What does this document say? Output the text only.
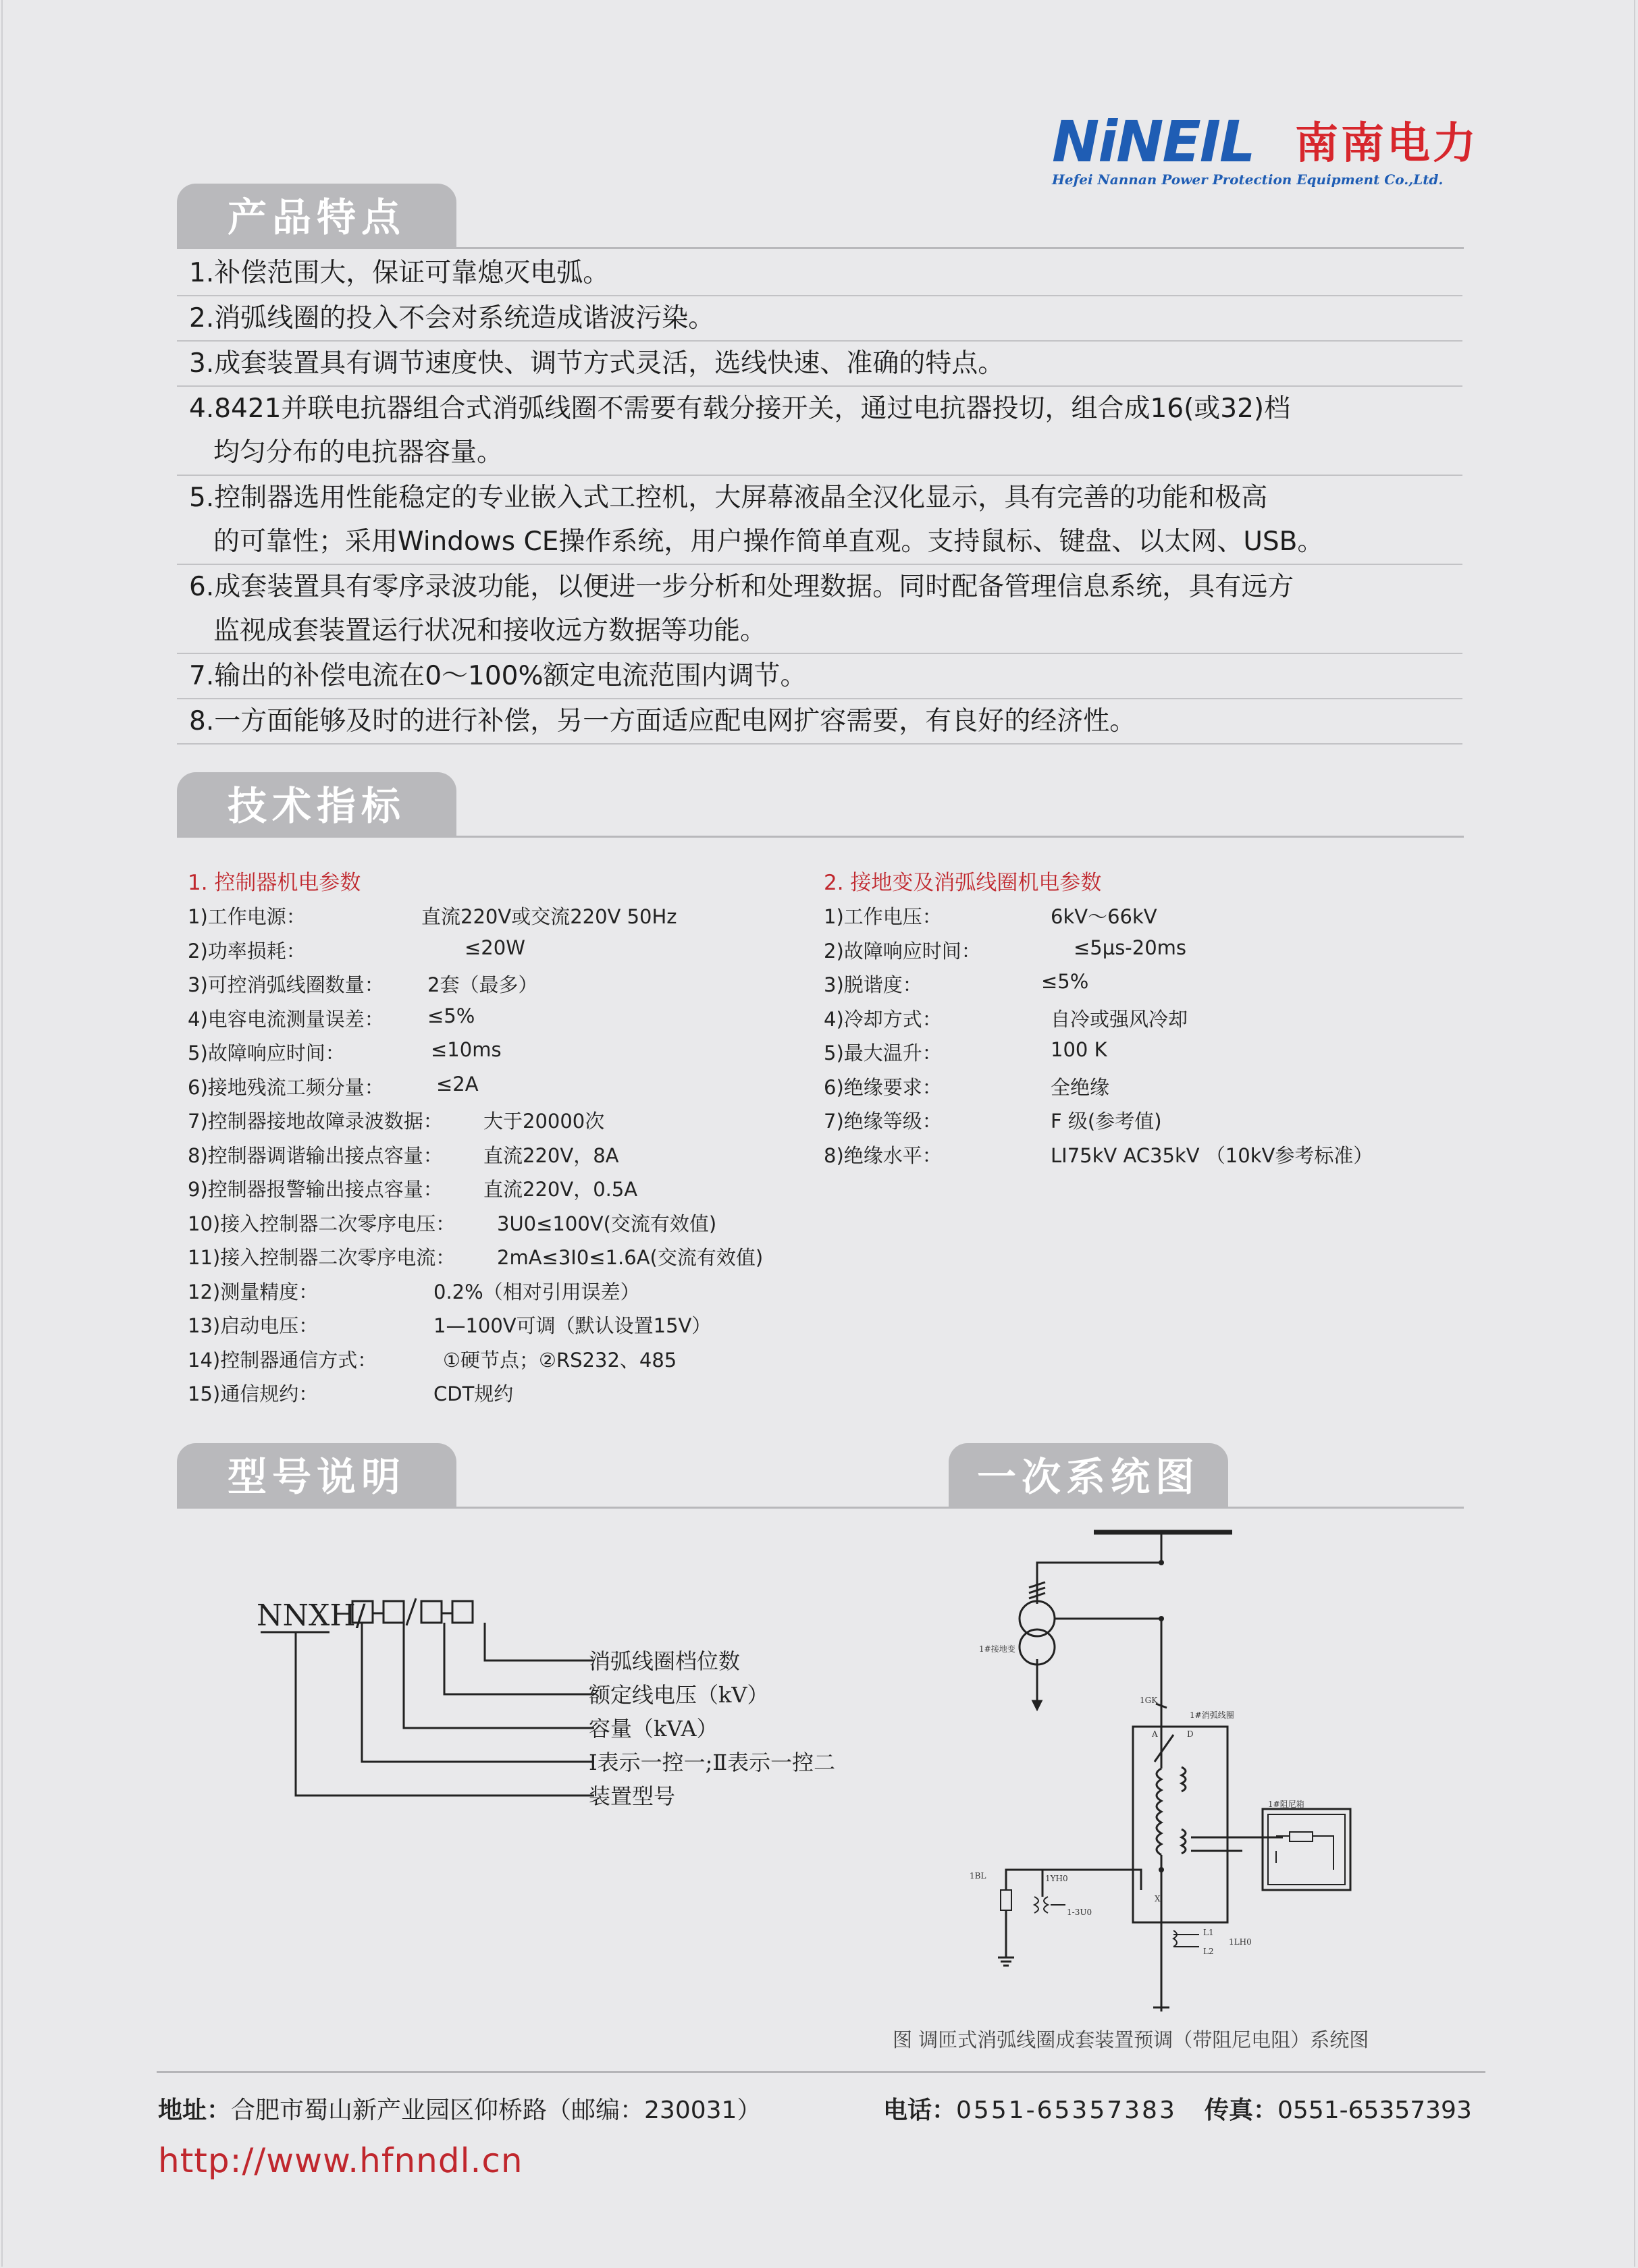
NiNEIL 南南电力
Hefei Nannan Power Protection Equipment Co.,Ltd.
产品特点
1.补偿范围大，保证可靠熄灭电弧。
2.消弧线圈的投入不会对系统造成谐波污染。
3.成套装置具有调节速度快、调节方式灵活，选线快速、准确的特点。
4.8421并联电抗器组合式消弧线圈不需要有载分接开关，通过电抗器投切，组合成16(或32)档
均匀分布的电抗器容量。
5.控制器选用性能稳定的专业嵌入式工控机，大屏幕液晶全汉化显示，具有完善的功能和极高
的可靠性；采用Windows CE操作系统，用户操作简单直观。支持鼠标、键盘、以太网、USB。
6.成套装置具有零序录波功能，以便进一步分析和处理数据。同时配备管理信息系统，具有远方
监视成套装置运行状况和接收远方数据等功能。
7.输出的补偿电流在0～100%额定电流范围内调节。
8.一方面能够及时的进行补偿，另一方面适应配电网扩容需要，有良好的经济性。
技术指标
1. 控制器机电参数	2. 接地变及消弧线圈机电参数
1)工作电源：	直流220V或交流220V 50Hz
2)功率损耗：	≤20W
3)可控消弧线圈数量： 2套（最多）
4)电容电流测量误差： ≤5%
5)故障响应时间：	≤10ms
6)接地残流工频分量：	≤2A
7)控制器接地故障录波数据： 大于20000次
8)控制器调谐输出接点容量： 直流220V，8A
9)控制器报警输出接点容量： 直流220V，0.5A
10)接入控制器二次零序电压： 3U0≤100V(交流有效值)
11)接入控制器二次零序电流： 2mA≤3I0≤1.6A(交流有效值)
12)测量精度：	0.2%（相对引用误差）
13)启动电压：	1—100V可调（默认设置15V）
14)控制器通信方式：	①硬节点；②RS232、485
15)通信规约：	CDT规约
1)工作电压：	6kV～66kV
2)故障响应时间：	≤5μs-20ms
3)脱谐度：	≤5%
4)冷却方式：	自冷或强风冷却
5)最大温升：	100 K
6)绝缘要求：	全绝缘
7)绝缘等级：	F 级(参考值)
8)绝缘水平：	LI75kV AC35kV （10kV参考标准）
型号说明	一次系统图
NNXH/
消弧线圈档位数
额定线电压（kV）
容量（kVA）
Ⅰ表示一控一;Ⅱ表示一控二
装置型号
1#接地变
1GK
1#消弧线圈
A	D
X
1#阻尼箱
1BL	1YH0
1-3U0
L1
L2
1LH0
图 调匝式消弧线圈成套装置预调（带阻尼电阻）系统图
地址：合肥市蜀山新产业园区仰桥路（邮编：230031）	电话：0551-65357383 传真：0551-65357393
http://www.hfnndl.cn
